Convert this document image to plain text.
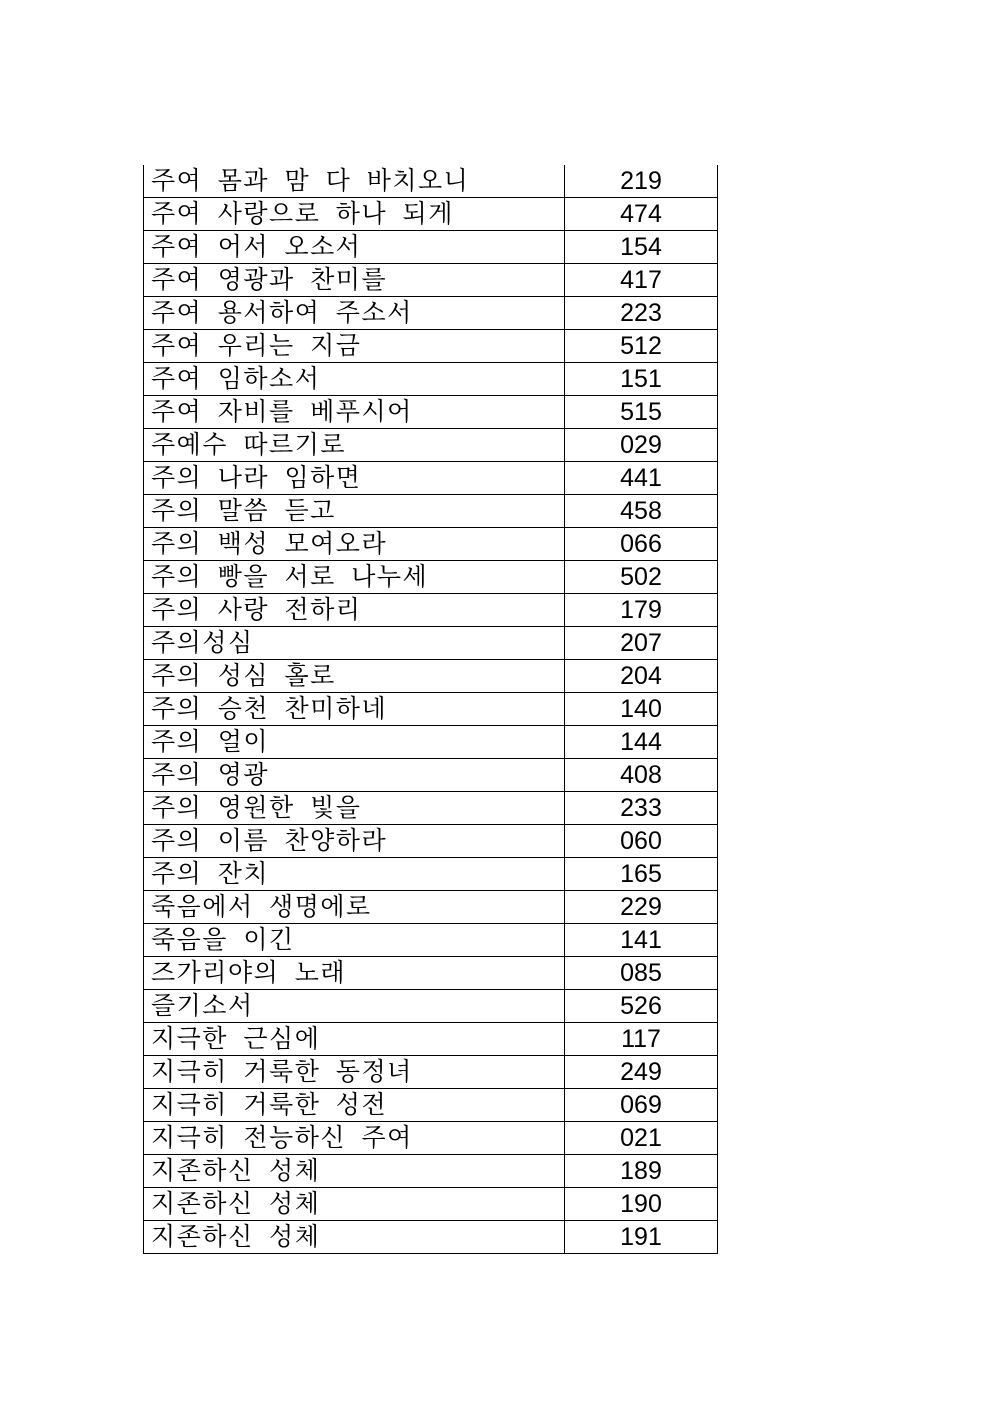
주여 몸과 맘 다 바치오니	219
주여 사랑으로 하나 되게	474
주여 어서 오소서	154
주여 영광과 찬미를	417
주여 용서하여 주소서	223
주여 우리는 지금	512
주여 임하소서	151
주여 자비를 베푸시어	515
주예수 따르기로	029
주의 나라 임하면	441
주의 말씀 듣고	458
주의 백성 모여오라	066
주의 빵을 서로 나누세	502
주의 사랑 전하리	179
주의성심	207
주의 성심 홀로	204
주의 승천 찬미하네	140
주의 얼이	144
주의 영광	408
주의 영원한 빛을	233
주의 이름 찬양하라	060
주의 잔치	165
죽음에서 생명에로	229
죽음을 이긴	141
즈가리야의 노래	085
즐기소서	526
지극한 근심에	117
지극히 거룩한 동정녀	249
지극히 거룩한 성전	069
지극히 전능하신 주여	021
지존하신 성체	189
지존하신 성체	190
지존하신 성체	191
